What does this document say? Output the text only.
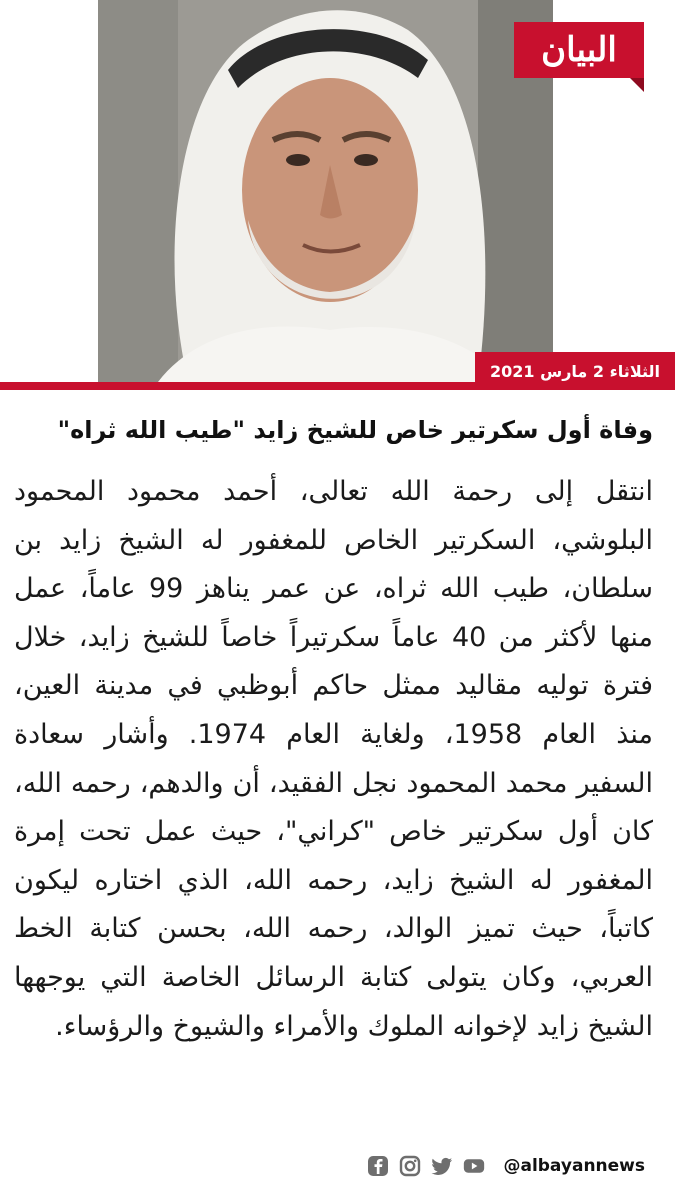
البيان
الثلاثاء 2 مارس 2021
وفاة أول سكرتير خاص للشيخ زايد "طيب الله ثراه"
انتقل إلى رحمة الله تعالى، أحمد محمود المحمود البلوشي، السكرتير الخاص للمغفور له الشيخ زايد بن سلطان، طيب الله ثراه، عن عمر يناهز 99 عاماً، عمل منها لأكثر من 40 عاماً سكرتيراً خاصاً للشيخ زايد، خلال فترة توليه مقاليد ممثل حاكم أبوظبي في مدينة العين، منذ العام 1958، ولغاية العام 1974. وأشار سعادة السفير محمد المحمود نجل الفقيد، أن والدهم، رحمه الله، كان أول سكرتير خاص "كراني"، حيث عمل تحت إمرة المغفور له الشيخ زايد، رحمه الله، الذي اختاره ليكون كاتباً، حيث تميز الوالد، رحمه الله، بحسن كتابة الخط العربي، وكان يتولى كتابة الرسائل الخاصة التي يوجهها الشيخ زايد لإخوانه الملوك والأمراء والشيوخ والرؤساء.
@albayannews
